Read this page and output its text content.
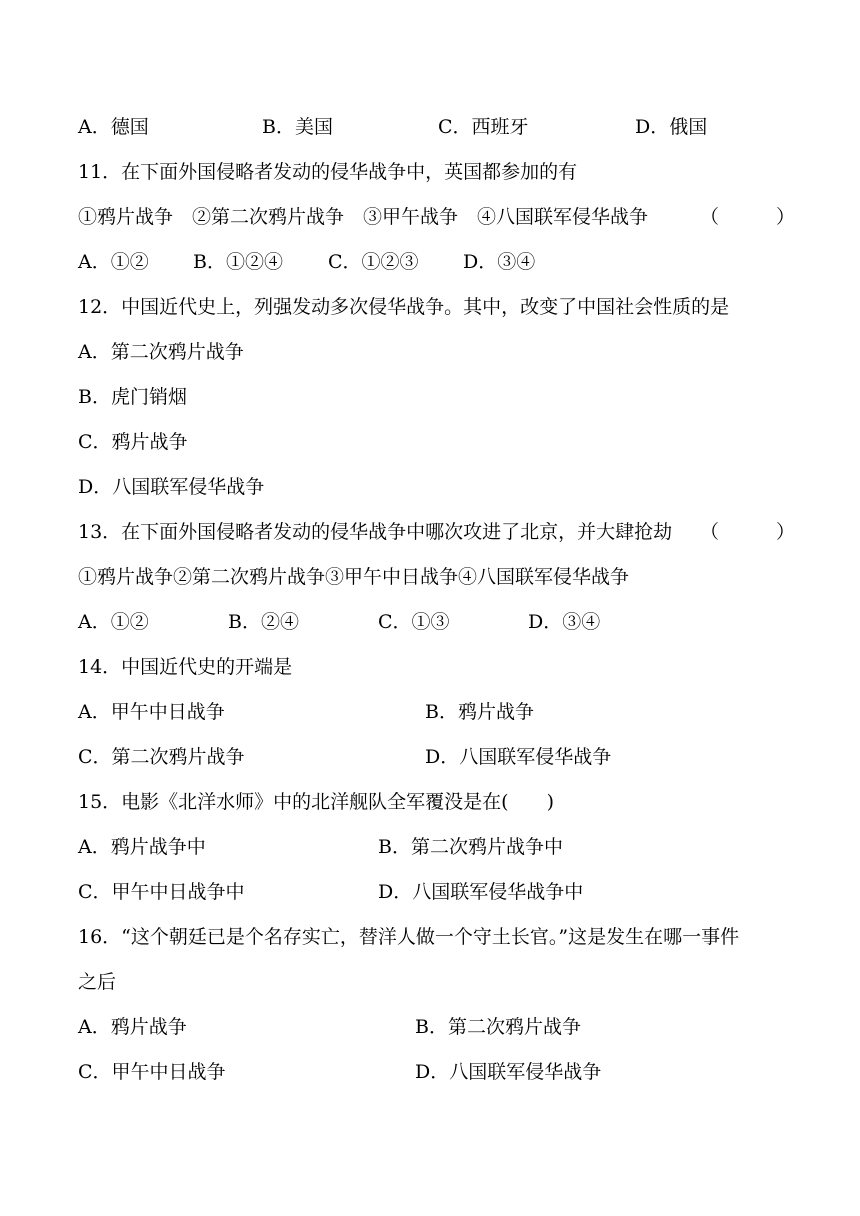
A．德国	B．美国	C．西班牙	D．俄国
11．在下面外国侵略者发动的侵华战争中，英国都参加的有
①鸦片战争　②第二次鸦片战争　③甲午战争　④八国联军侵华战争	（　　　）
A．①② B．①②④ C．①②③ D．③④
12．中国近代史上，列强发动多次侵华战争。其中，改变了中国社会性质的是
A．第二次鸦片战争
B．虎门销烟
C．鸦片战争
D．八国联军侵华战争
13．在下面外国侵略者发动的侵华战争中哪次攻进了北京，并大肆抢劫 （　　　）
①鸦片战争②第二次鸦片战争③甲午中日战争④八国联军侵华战争
A．①②	B．②④	C．①③	D．③④
14．中国近代史的开端是
A．甲午中日战争	B．鸦片战争
C．第二次鸦片战争	D．八国联军侵华战争
15．电影《北洋水师》中的北洋舰队全军覆没是在(　　)
A．鸦片战争中	B．第二次鸦片战争中
C．甲午中日战争中	D．八国联军侵华战争中
16．“这个朝廷已是个名存实亡，替洋人做一个守土长官。”这是发生在哪一事件
之后
A．鸦片战争	B．第二次鸦片战争
C．甲午中日战争	D．八国联军侵华战争
